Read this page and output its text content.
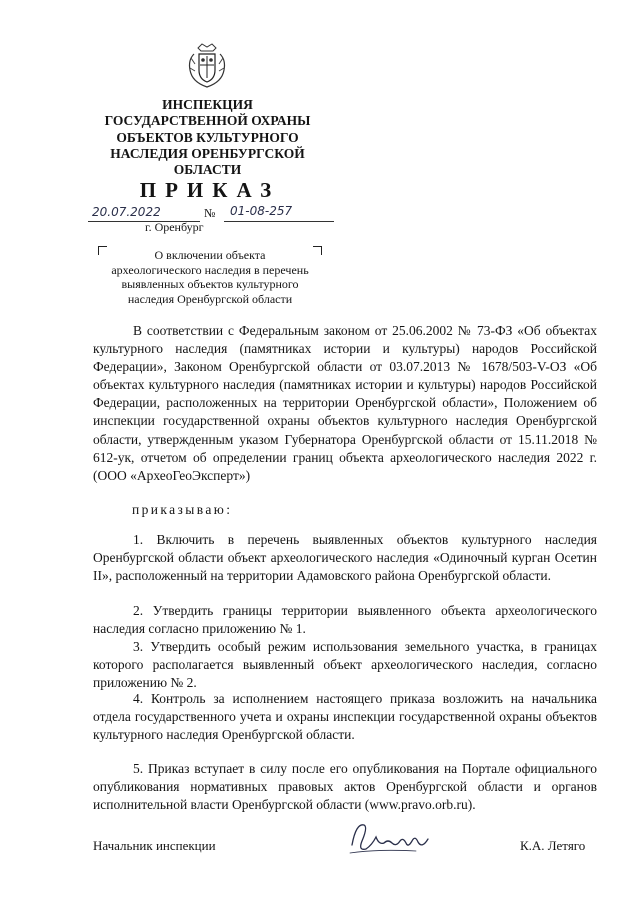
ИНСПЕКЦИЯ
ГОСУДАРСТВЕННОЙ ОХРАНЫ
ОБЪЕКТОВ КУЛЬТУРНОГО
НАСЛЕДИЯ ОРЕНБУРГСКОЙ
ОБЛАСТИ
ПРИКАЗ
20.07.2022	№ 01-08-257
г. Оренбург
О включении объекта
археологического наследия в перечень
выявленных объектов культурного
наследия Оренбургской области

В соответствии с Федеральным законом от 25.06.2002 № 73-ФЗ «Об объектах культурного наследия (памятниках истории и культуры) народов Российской Федерации», Законом Оренбургской области от 03.07.2013 № 1678/503-V-ОЗ «Об объектах культурного наследия (памятниках истории и культуры) народов Российской Федерации, расположенных на территории Оренбургской области», Положением об инспекции государственной охраны объектов культурного наследия Оренбургской области, утвержденным указом Губернатора Оренбургской области от 15.11.2018 № 612-ук, отчетом об определении границ объекта археологического наследия 2022 г. (ООО «АрхеоГеоЭксперт»)

приказываю:

1. Включить в перечень выявленных объектов культурного наследия Оренбургской области объект археологического наследия «Одиночный курган Осетин II», расположенный на территории Адамовского района Оренбургской области.

2. Утвердить границы территории выявленного объекта археологического наследия согласно приложению № 1.

3. Утвердить особый режим использования земельного участка, в границах которого располагается выявленный объект археологического наследия, согласно приложению № 2.

4. Контроль за исполнением настоящего приказа возложить на начальника отдела государственного учета и охраны инспекции государственной охраны объектов культурного наследия Оренбургской области.

5. Приказ вступает в силу после его опубликования на Портале официального опубликования нормативных правовых актов Оренбургской области и органов исполнительной власти Оренбургской области (www.pravo.orb.ru).

Начальник инспекции	К.А. Летяго
